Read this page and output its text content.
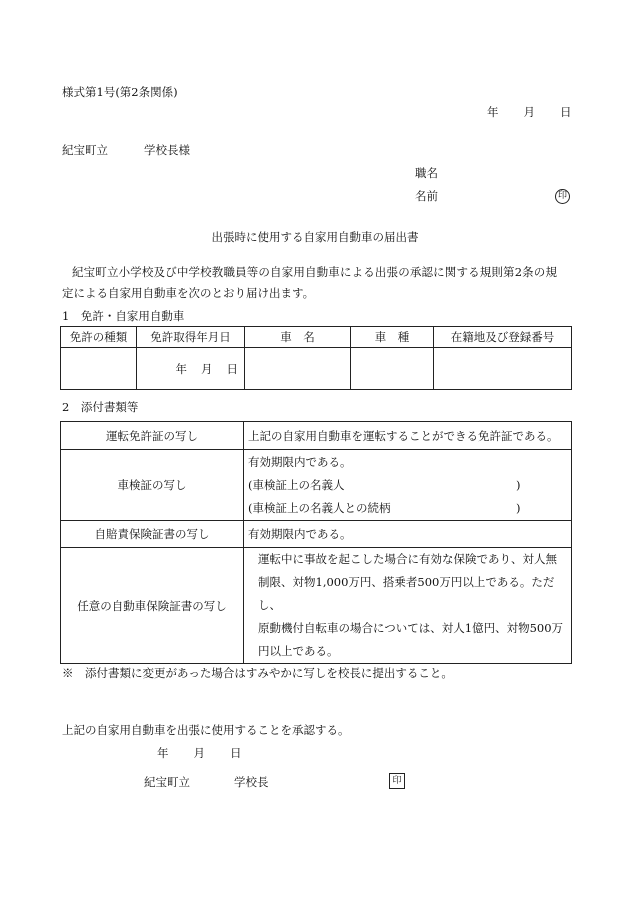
様式第1号(第2条関係)
年 月 日
紀宝町立	学校長様
職名
名前	印
出張時に使用する自家用自動車の届出書
紀宝町立小学校及び中学校教職員等の自家用自動車による出張の承認に関する規則第2条の規
定による自家用自動車を次のとおり届け出ます。
1　免許・自家用自動車
免許の種類	免許取得年月日	車　名	車　種	在籍地及び登録番号
	年 月 日			
2　添付書類等
運転免許証の写し	上記の自家用自動車を運転することができる免許証である。
車検証の写し	有効期限内である。
(車検証上の名義人 )
(車検証上の名義人との続柄 )

自賠責保険証書の写し	有効期限内である。
任意の自動車保険証書の写し	運転中に事故を起こした場合に有効な保険であり、対人無
制限、対物1,000万円、搭乗者500万円以上である。ただし、
原動機付自転車の場合については、対人1億円、対物500万
円以上である。
※　添付書類に変更があった場合はすみやかに写しを校長に提出すること。
上記の自家用自動車を出張に使用することを承認する。
年 月 日
紀宝町立	学校長	印
